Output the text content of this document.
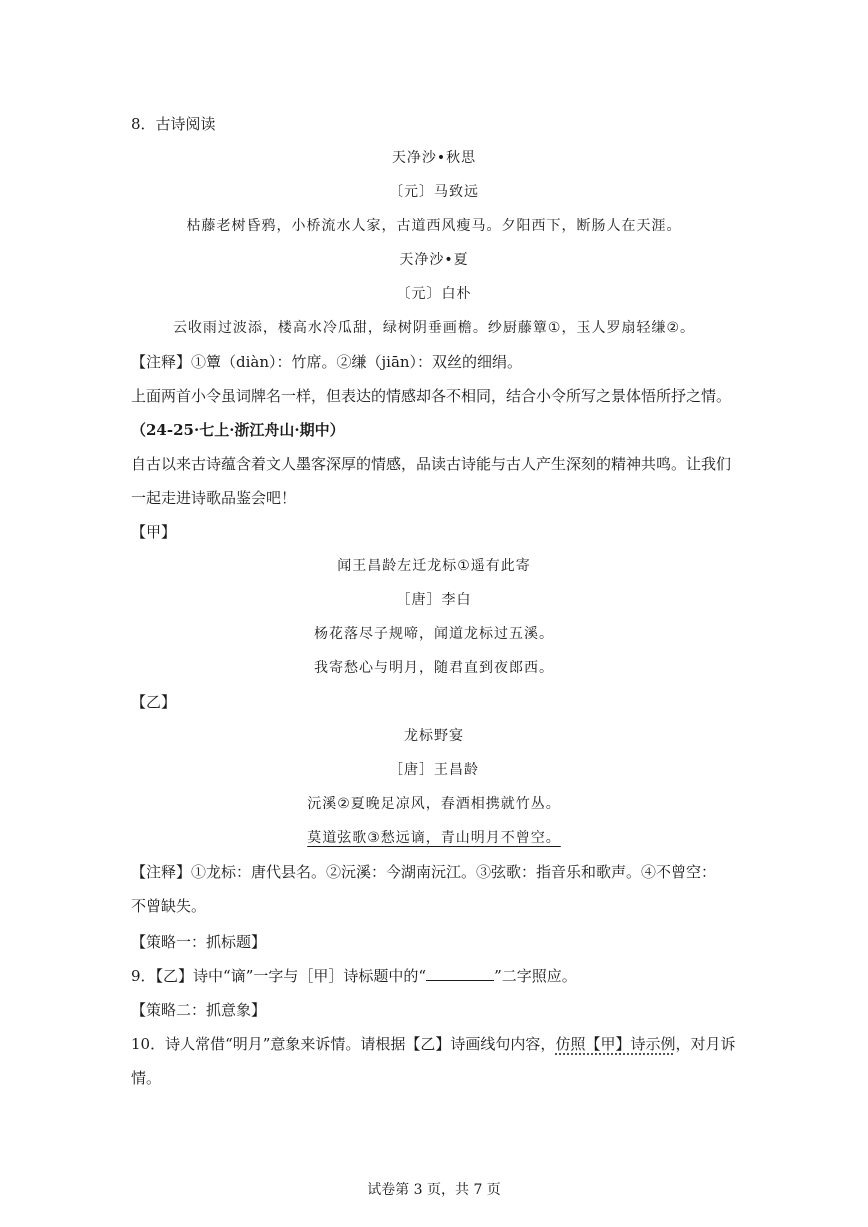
8．古诗阅读
天净沙•秋思
〔元〕马致远
枯藤老树昏鸦，小桥流水人家，古道西风瘦马。夕阳西下，断肠人在天涯。
天净沙•夏
〔元〕白朴
云收雨过波添，楼高水冷瓜甜，绿树阴垂画檐。纱厨藤簟①，玉人罗扇轻缣②。
【注释】①簟（diàn）：竹席。②缣（jiān）：双丝的细绢。
上面两首小令虽词牌名一样，但表达的情感却各不相同，结合小令所写之景体悟所抒之情。
（24-25·七上·浙江舟山·期中）
自古以来古诗蕴含着文人墨客深厚的情感，品读古诗能与古人产生深刻的精神共鸣。让我们
一起走进诗歌品鉴会吧！
【甲】
闻王昌龄左迁龙标①遥有此寄
［唐］李白
杨花落尽子规啼，闻道龙标过五溪。
我寄愁心与明月，随君直到夜郎西。
【乙】
龙标野宴
［唐］王昌龄
沅溪②夏晚足凉风，春酒相携就竹丛。
莫道弦歌③愁远谪，青山明月不曾空。
【注释】①龙标：唐代县名。②沅溪：今湖南沅江。③弦歌：指音乐和歌声。④不曾空：
不曾缺失。
【策略一：抓标题】
9．【乙】诗中“谪”一字与［甲］诗标题中的“	”二字照应。
【策略二：抓意象】
10．诗人常借“明月”意象来诉情。请根据【乙】诗画线句内容，仿照【甲】诗示例，对月诉
情。
试卷第 3 页，共 7 页
